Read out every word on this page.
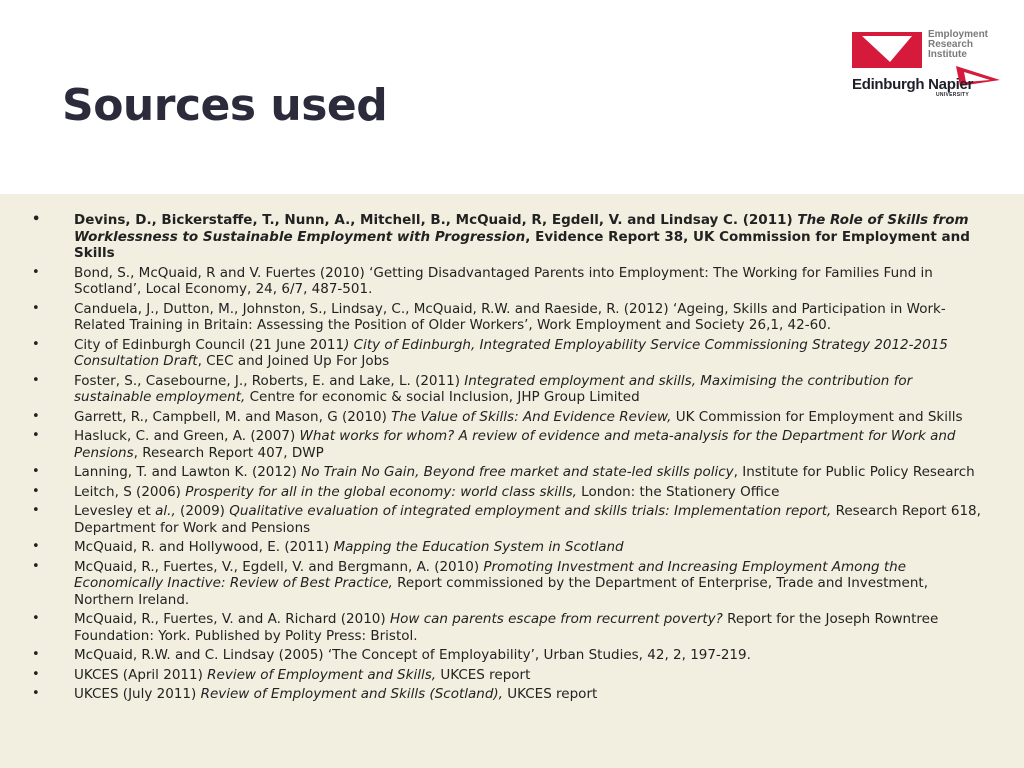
Sources used
Employment
Research
Institute
Edinburgh Napier
UNIVERSITY
• Devins, D., Bickerstaffe, T., Nunn, A., Mitchell, B., McQuaid, R, Egdell, V. and Lindsay C. (2011) The Role of Skills from Worklessness to Sustainable Employment with Progression, Evidence Report 38, UK Commission for Employment and Skills
•	Bond, S., McQuaid, R and V. Fuertes (2010) ‘Getting Disadvantaged Parents into Employment: The Working for Families Fund in Scotland’, Local Economy, 24, 6/7, 487-501.
•	Canduela, J., Dutton, M., Johnston, S., Lindsay, C., McQuaid, R.W. and Raeside, R. (2012) ‘Ageing, Skills and Participation in Work-Related Training in Britain: Assessing the Position of Older Workers’, Work Employment and Society 26,1, 42-60.
•	City of Edinburgh Council (21 June 2011) City of Edinburgh, Integrated Employability Service Commissioning Strategy 2012-2015 Consultation Draft, CEC and Joined Up For Jobs
•	Foster, S., Casebourne, J., Roberts, E. and Lake, L. (2011) Integrated employment and skills, Maximising the contribution for sustainable employment, Centre for economic & social Inclusion, JHP Group Limited
•	Garrett, R., Campbell, M. and Mason, G (2010) The Value of Skills: And Evidence Review, UK Commission for Employment and Skills
•	Hasluck, C. and Green, A. (2007) What works for whom? A review of evidence and meta-analysis for the Department for Work and Pensions, Research Report 407, DWP
•	Lanning, T. and Lawton K. (2012) No Train No Gain, Beyond free market and state-led skills policy, Institute for Public Policy Research
•	Leitch, S (2006) Prosperity for all in the global economy: world class skills, London: the Stationery Office
•	Levesley et al., (2009) Qualitative evaluation of integrated employment and skills trials: Implementation report, Research Report 618, Department for Work and Pensions
•	McQuaid, R. and Hollywood, E. (2011) Mapping the Education System in Scotland
•	McQuaid, R., Fuertes, V., Egdell, V. and Bergmann, A. (2010) Promoting Investment and Increasing Employment Among the Economically Inactive: Review of Best Practice, Report commissioned by the Department of Enterprise, Trade and Investment, Northern Ireland.
•	McQuaid, R., Fuertes, V. and A. Richard (2010) How can parents escape from recurrent poverty? Report for the Joseph Rowntree Foundation: York. Published by Polity Press: Bristol.
•	McQuaid, R.W. and C. Lindsay (2005) ‘The Concept of Employability’, Urban Studies, 42, 2, 197-219.
•	UKCES (April 2011) Review of Employment and Skills, UKCES report
•	UKCES (July 2011) Review of Employment and Skills (Scotland), UKCES report
